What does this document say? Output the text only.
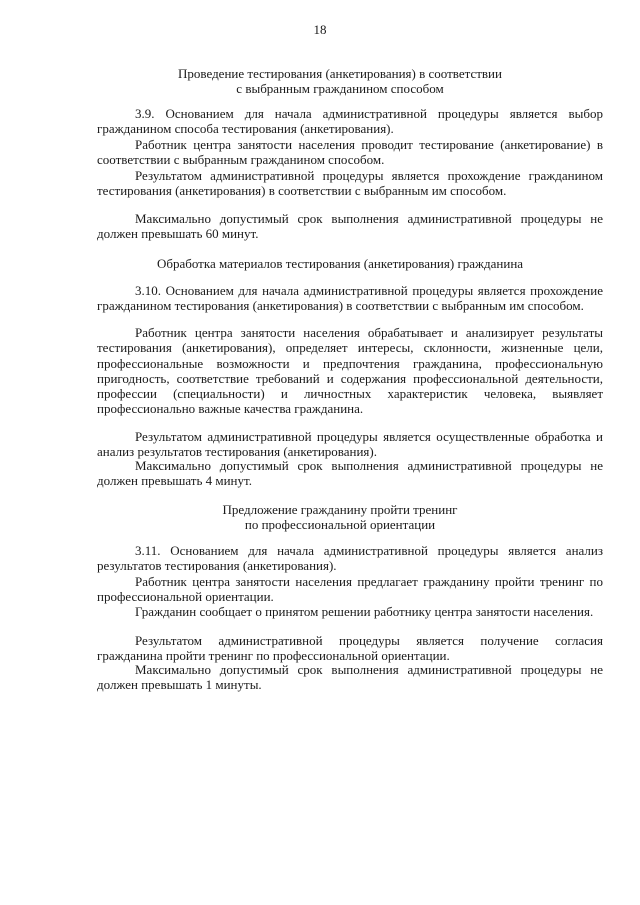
18
Проведение тестирования (анкетирования) в соответствии
с выбранным гражданином способом

3.9. Основанием для начала административной процедуры является выбор гражданином способа тестирования (анкетирования).

Работник центра занятости населения проводит тестирование (анкетирование) в соответствии с выбранным гражданином способом.

Результатом административной процедуры является прохождение гражданином тестирования (анкетирования) в соответствии с выбранным им способом.

Максимально допустимый срок выполнения административной процедуры не должен превышать 60 минут.

Обработка материалов тестирования (анкетирования) гражданина

3.10. Основанием для начала административной процедуры является прохождение гражданином тестирования (анкетирования) в соответствии с выбранным им способом.

Работник центра занятости населения обрабатывает и анализирует результаты тестирования (анкетирования), определяет интересы, склонности, жизненные цели, профессиональные возможности и предпочтения гражданина, профессиональную пригодность, соответствие требований и содержания профессиональной деятельности, профессии (специальности) и личностных характеристик человека, выявляет профессионально важные качества гражданина.

Результатом административной процедуры является осуществленные обработка и анализ результатов тестирования (анкетирования).

Максимально допустимый срок выполнения административной процедуры не должен превышать 4 минут.

Предложение гражданину пройти тренинг
по профессиональной ориентации

3.11. Основанием для начала административной процедуры является анализ результатов тестирования (анкетирования).

Работник центра занятости населения предлагает гражданину пройти тренинг по профессиональной ориентации.

Гражданин сообщает о принятом решении работнику центра занятости населения.

Результатом административной процедуры является получение согласия гражданина пройти тренинг по профессиональной ориентации.

Максимально допустимый срок выполнения административной процедуры не должен превышать 1 минуты.
